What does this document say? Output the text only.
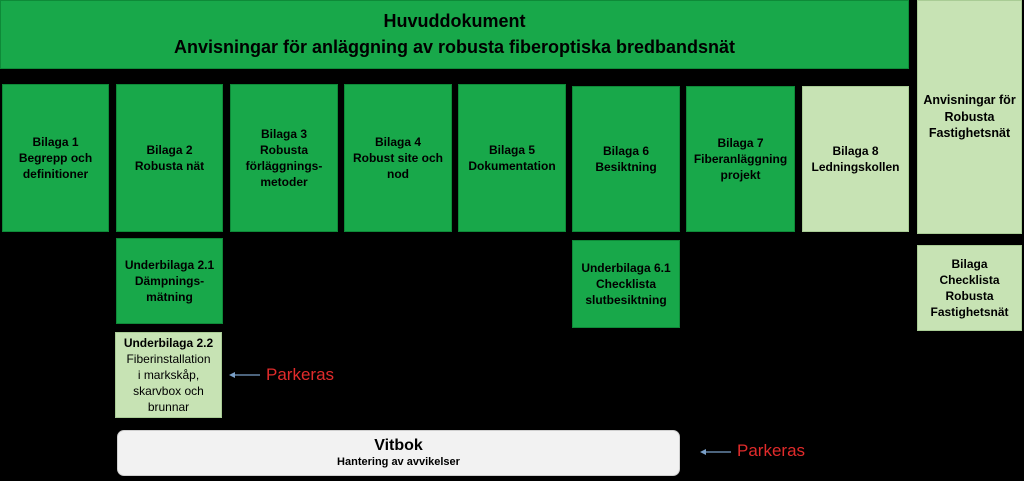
Huvuddokument
Anvisningar för anläggning av robusta fiberoptiska bredbandsnät
Bilaga 1
Begrepp och
definitioner
Bilaga 2
Robusta nät
Bilaga 3
Robusta
förläggnings-
metoder
Bilaga 4
Robust site och
nod
Bilaga 5
Dokumentation
Bilaga 6
Besiktning
Bilaga 7
Fiberanläggning
projekt
Bilaga 8
Ledningskollen
Anvisningar för
Robusta
Fastighetsnät
Bilaga
Checklista
Robusta
Fastighetsnät
Underbilaga 2.1
Dämpnings-
mätning
Underbilaga 2.2
Fiberinstallation
i markskåp,
skarvbox och
brunnar
Underbilaga 6.1
Checklista
slutbesiktning
Parkeras
Vitbok
Hantering av avvikelser
Parkeras
